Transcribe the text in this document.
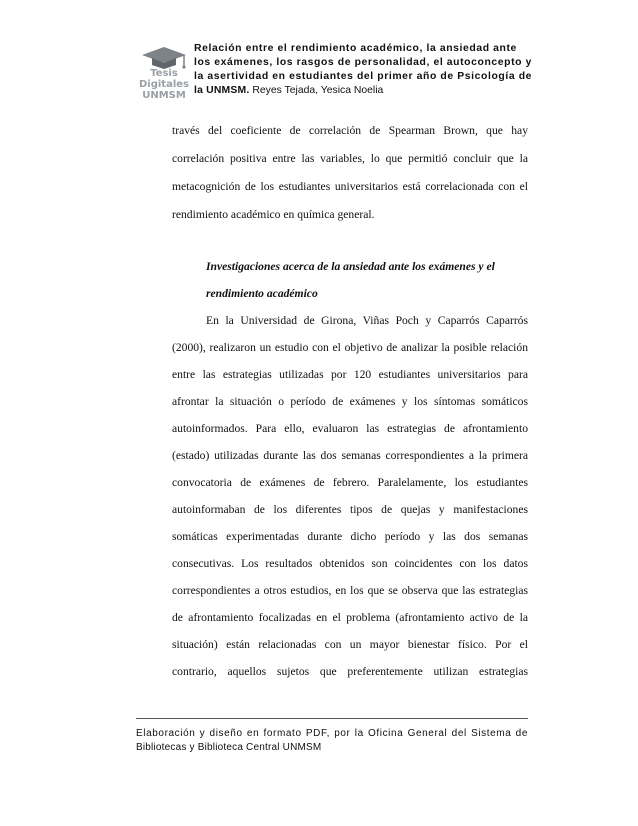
Tesis
Digitales
UNMSM
Relación entre el rendimiento académico, la ansiedad ante
los exámenes, los rasgos de personalidad, el autoconcepto y
la asertividad en estudiantes del primer año de Psicología de
la UNMSM. Reyes Tejada, Yesica Noelia
través del coeficiente de correlación de Spearman Brown, que hay
correlación positiva entre las variables, lo que permitió concluir que la
metacognición de los estudiantes universitarios está correlacionada con el
rendimiento académico en química general.
Investigaciones acerca de la ansiedad ante los exámenes y el
rendimiento académico
En la Universidad de Girona, Viñas Poch y Caparrós Caparrós
(2000), realizaron un estudio con el objetivo de analizar la posible relación
entre las estrategias utilizadas por 120 estudiantes universitarios para
afrontar la situación o período de exámenes y los síntomas somáticos
autoinformados. Para ello, evaluaron las estrategias de afrontamiento
(estado) utilizadas durante las dos semanas correspondientes a la primera
convocatoria de exámenes de febrero. Paralelamente, los estudiantes
autoinformaban de los diferentes tipos de quejas y manifestaciones
somáticas experimentadas durante dicho período y las dos semanas
consecutivas. Los resultados obtenidos son coincidentes con los datos
correspondientes a otros estudios, en los que se observa que las estrategias
de afrontamiento focalizadas en el problema (afrontamiento activo de la
situación) están relacionadas con un mayor bienestar físico. Por el
contrario, aquellos sujetos que preferentemente utilizan estrategias
Elaboración y diseño en formato PDF, por la Oficina General del Sistema de
Bibliotecas y Biblioteca Central UNMSM
